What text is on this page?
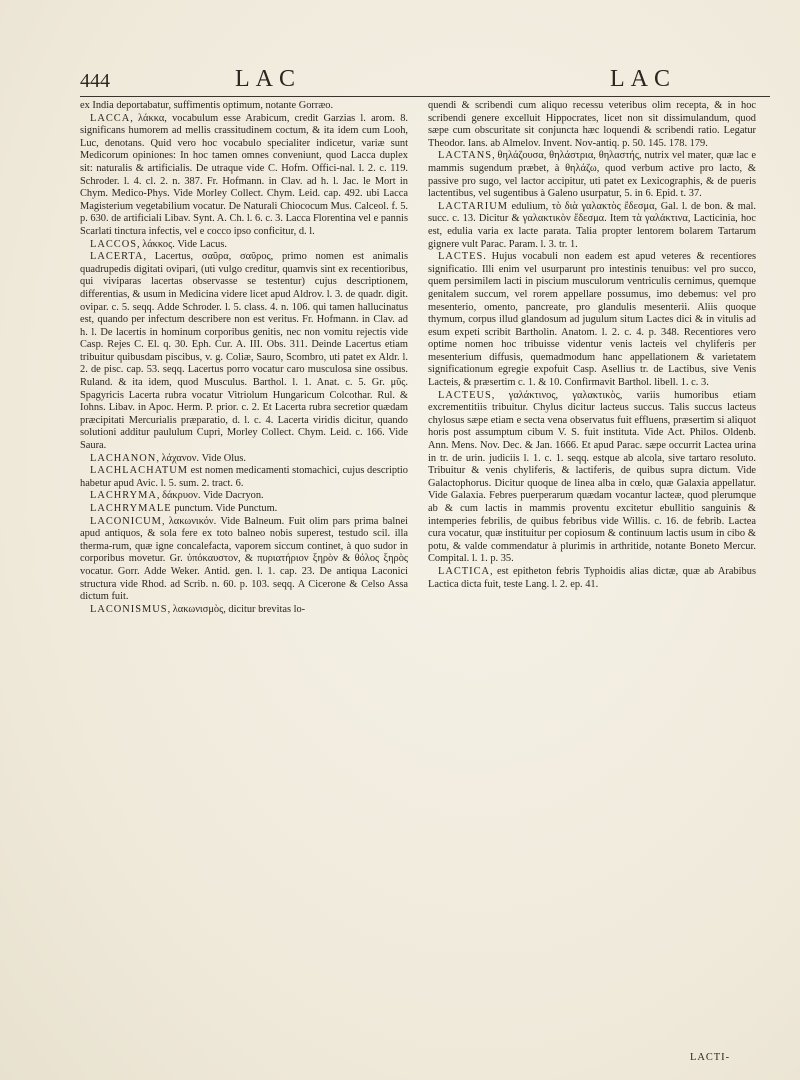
444	LAC	LAC

ex India deportabatur, suffimentis optimum, notante Gorræo.

LACCA, λάκκα, vocabulum esse Arabicum, credit Garzias l. arom. 8. significans humorem ad mellis crassitudinem coctum, & ita idem cum Looh, Luc, denotans. Quid vero hoc vocabulo specialiter indicetur, variæ sunt Medicorum opiniones: In hoc tamen omnes conveniunt, quod Lacca duplex sit: naturalis & artificialis. De utraque vide C. Hofm. Offici-nal. l. 2. c. 119. Schroder. l. 4. cl. 2. n. 387. Fr. Hofmann. in Clav. ad h. l. Jac. le Mort in Chym. Medico-Phys. Vide Morley Collect. Chym. Leid. cap. 492. ubi Lacca Magisterium vegetabilium vocatur. De Naturali Chiococum Mus. Calceol. f. 5. p. 630. de artificiali Libav. Synt. A. Ch. l. 6. c. 3. Lacca Florentina vel e pannis Scarlati tinctura infectis, vel e cocco ipso conficitur, d. l.

LACCOS, λάκκος. Vide Lacus.

LACERTA, Lacertus, σαῦρα, σαῦρος, primo nomen est animalis quadrupedis digitati ovipari, (uti vulgo creditur, quamvis sint ex recentioribus, qui viviparas lacertas observasse se testentur) cujus descriptionem, differentias, & usum in Medicina videre licet apud Aldrov. l. 3. de quadr. digit. ovipar. c. 5. seqq. Adde Schroder. l. 5. class. 4. n. 106. qui tamen hallucinatus est, quando per infectum describere non est veritus. Fr. Hofmann. in Clav. ad h. l. De lacertis in hominum corporibus genitis, nec non vomitu rejectis vide Casp. Rejes C. El. q. 30. Eph. Cur. A. III. Obs. 311. Deinde Lacertus etiam tribuitur quibusdam piscibus, v. g. Coliæ, Sauro, Scombro, uti patet ex Aldr. l. 2. de pisc. cap. 53. seqq. Lacertus porro vocatur caro musculosa sine ossibus. Ruland. & ita idem, quod Musculus. Barthol. l. 1. Anat. c. 5. Gr. μῦς. Spagyricis Lacerta rubra vocatur Vitriolum Hungaricum Colcothar. Rul. & Iohns. Libav. in Apoc. Herm. P. prior. c. 2. Et Lacerta rubra secretior quædam præcipitati Mercurialis præparatio, d. l. c. 4. Lacerta viridis dicitur, quando solutioni additur paululum Cupri, Morley Collect. Chym. Leid. c. 166. Vide Saura.

LACHANON, λάχανον. Vide Olus.

LACHLACHATUM est nomen medicamenti stomachici, cujus descriptio habetur apud Avic. l. 5. sum. 2. tract. 6.

LACHRYMA, δάκρυον. Vide Dacryon.

LACHRYMALE punctum. Vide Punctum.

LACONICUM, λακωνικόν. Vide Balneum. Fuit olim pars prima balnei apud antiquos, & sola fere ex toto balneo nobis superest, testudo scil. illa therma-rum, quæ igne concalefacta, vaporem siccum continet, à quo sudor in corporibus movetur. Gr. ὑπόκαυστον, & πυριατήριον ξηρὸν & θόλος ξηρὸς vocatur. Gorr. Adde Weker. Antid. gen. l. 1. cap. 23. De antiqua Laconici structura vide Rhod. ad Scrib. n. 60. p. 103. seqq. A Cicerone & Celso Assa dictum fuit.

LACONISMUS, λακωνισμὸς, dicitur brevitas lo-

quendi & scribendi cum aliquo recessu veteribus olim recepta, & in hoc scribendi genere excelluit Hippocrates, licet non sit dissimulandum, quod sæpe cum obscuritate sit conjuncta hæc loquendi & scribendi ratio. Legatur Theodor. Ians. ab Almelov. Invent. Nov-antiq. p. 50. 145. 178. 179.

LACTANS, θηλάζουσα, θηλάστρια, θηλαστής, nutrix vel mater, quæ lac e mammis sugendum præbet, à θηλάζω, quod verbum active pro lacto, & passive pro sugo, vel lactor accipitur, uti patet ex Lexicographis, & de pueris lactentibus, vel sugentibus à Galeno usurpatur, 5. in 6. Epid. t. 37.

LACTARIUM edulium, τὸ διὰ γαλακτὸς ἔδεσμα, Gal. l. de bon. & mal. succ. c. 13. Dicitur & γαλακτικὸν ἔδεσμα. Item τὰ γαλάκτινα, Lacticinia, hoc est, edulia varia ex lacte parata. Talia propter lentorem bolarem Tartarum gignere vult Parac. Param. l. 3. tr. 1.

LACTES. Hujus vocabuli non eadem est apud veteres & recentiores significatio. Illi enim vel usurparunt pro intestinis tenuibus: vel pro succo, quem persimilem lacti in piscium musculorum ventriculis cernimus, quemque genitalem succum, vel rorem appellare possumus, imo debemus: vel pro mesenterio, omento, pancreate, pro glandulis mesenterii. Aliis quoque thymum, corpus illud glandosum ad jugulum situm Lactes dici & in vitulis ad esum expeti scribit Bartholin. Anatom. l. 2. c. 4. p. 348. Recentiores vero optime nomen hoc tribuisse videntur venis lacteis vel chyliferis per mesenterium diffusis, quemadmodum hanc appellationem & varietatem significationum egregie expofuit Casp. Asellius tr. de Lactibus, sive Venis Lacteis, & præsertim c. 1. & 10. Confirmavit Barthol. libell. 1. c. 3.

LACTEUS, γαλάκτινος, γαλακτικὸς, variis humoribus etiam excrementitiis tribuitur. Chylus dicitur lacteus succus. Talis succus lacteus chylosus sæpe etiam e secta vena observatus fuit effluens, præsertim si aliquot horis post assumptum cibum V. S. fuit instituta. Vide Act. Philos. Oldenb. Ann. Mens. Nov. Dec. & Jan. 1666. Et apud Parac. sæpe occurrit Lactea urina in tr. de urin. judiciis l. 1. c. 1. seqq. estque ab alcola, sive tartaro resoluto. Tribuitur & venis chyliferis, & lactiferis, de quibus supra dictum. Vide Galactophorus. Dicitur quoque de linea alba in cœlo, quæ Galaxia appellatur. Vide Galaxia. Febres puerperarum quædam vocantur lacteæ, quod plerumque ab & cum lactis in mammis proventu excitetur ebullitio sanguinis & intemperies febrilis, de quibus febribus vide Willis. c. 16. de febrib. Lactea cura vocatur, quæ instituitur per copiosum & continuum lactis usum in cibo & potu, & valde commendatur à plurimis in arthritide, notante Boneto Mercur. Compital. l. 1. p. 35.

LACTICA, est epitheton febris Typhoidis alias dictæ, quæ ab Arabibus Lactica dicta fuit, teste Lang. l. 2. ep. 41.

LACTI-
